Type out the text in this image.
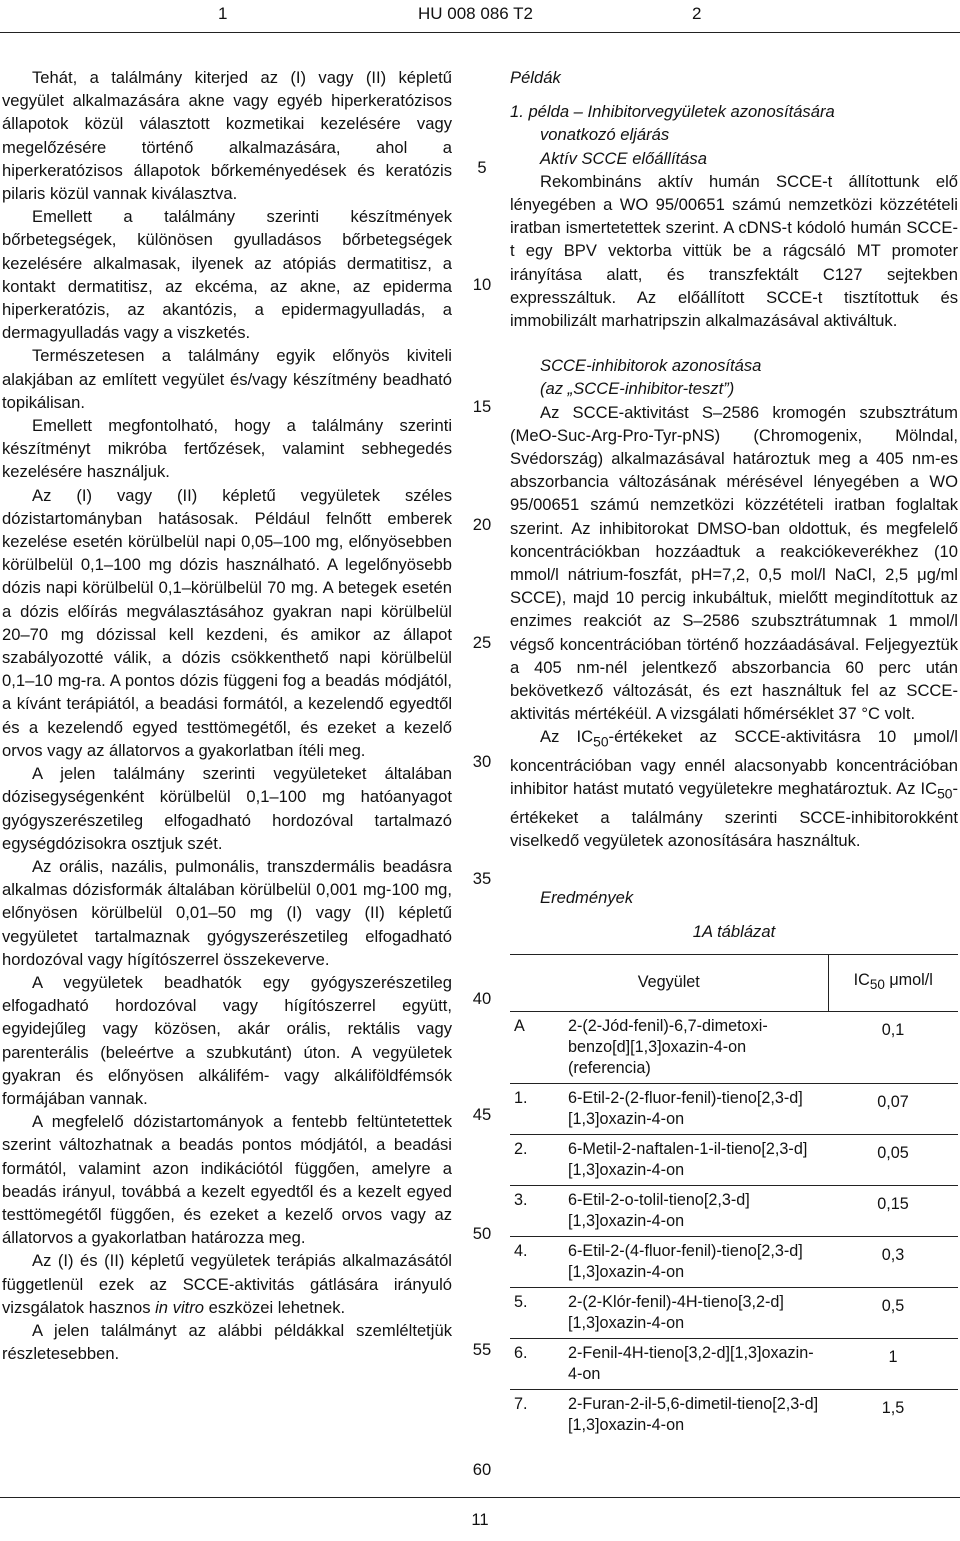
1	HU 008 086 T2	2

Tehát, a találmány kiterjed az (I) vagy (II) képletű vegyület alkalmazására akne vagy egyéb hiperkeratózisos állapotok közül választott kozmetikai kezelésére vagy megelőzésére történő alkalmazására, ahol a hiperkeratózisos állapotok bőrkeményedések és keratózis pilaris közül vannak kiválasztva.

Emellett a találmány szerinti készítmények bőrbetegségek, különösen gyulladásos bőrbetegségek kezelésére alkalmasak, ilyenek az atópiás dermatitisz, a kontakt dermatitisz, az ekcéma, az akne, az epiderma hiperkeratózis, az akantózis, a epidermagyulladás, a dermagyulladás vagy a viszketés.

Természetesen a találmány egyik előnyös kiviteli alakjában az említett vegyület és/vagy készítmény beadható topikálisan.

Emellett megfontolható, hogy a találmány szerinti készítményt mikróba fertőzések, valamint sebhegedés kezelésére használjuk.

Az (I) vagy (II) képletű vegyületek széles dózistartományban hatásosak. Például felnőtt emberek kezelése esetén körülbelül napi 0,05–100 mg, előnyösebben körülbelül 0,1–100 mg dózis használható. A legelőnyösebb dózis napi körülbelül 0,1–körülbelül 70 mg. A betegek esetén a dózis előírás megválasztásához gyakran napi körülbelül 20–70 mg dózissal kell kezdeni, és amikor az állapot szabályozotté válik, a dózis csökkenthető napi körülbelül 0,1–10 mg-ra. A pontos dózis függeni fog a beadás módjától, a kívánt terápiától, a beadási formától, a kezelendő egyedtől és a kezelendő egyed testtömegétől, és ezeket a kezelő orvos vagy az állatorvos a gyakorlatban ítéli meg.

A jelen találmány szerinti vegyületeket általában dózisegységenként körülbelül 0,1–100 mg hatóanyagot gyógyszerészetileg elfogadható hordozóval tartalmazó egységdózisokra osztjuk szét.

Az orális, nazális, pulmonális, transzdermális beadásra alkalmas dózisformák általában körülbelül 0,001 mg-100 mg, előnyösen körülbelül 0,01–50 mg (I) vagy (II) képletű vegyületet tartalmaznak gyógyszerészetileg elfogadható hordozóval vagy hígítószerrel összekeverve.

A vegyületek beadhatók egy gyógyszerészetileg elfogadható hordozóval vagy hígítószerrel együtt, egyidejűleg vagy közösen, akár orális, rektális vagy parenterális (beleértve a szubkutánt) úton. A vegyületek gyakran és előnyösen alkálifém- vagy alkáliföldfémsók formájában vannak.

A megfelelő dózistartományok a fentebb feltüntetettek szerint változhatnak a beadás pontos módjától, a beadási formától, valamint azon indikációtól függően, amelyre a beadás irányul, továbbá a kezelt egyedtől és a kezelt egyed testtömegétől függően, és ezeket a kezelő orvos vagy az állatorvos a gyakorlatban határozza meg.

Az (I) és (II) képletű vegyületek terápiás alkalmazásától függetlenül ezek az SCCE-aktivitás gátlására irányuló vizsgálatok hasznos in vitro eszközei lehetnek.

A jelen találmányt az alábbi példákkal szemléltetjük részletesebben.

5
10
15
20
25
30
35
40
45
50
55
60

Példák

1. példa – Inhibitorvegyületek azonosítására

vonatkozó eljárás

Aktív SCCE előállítása

Rekombináns aktív humán SCCE-t állítottunk elő lényegében a WO 95/00651 számú nemzetközi közzétételi iratban ismertetettek szerint. A cDNS-t kódoló humán SCCE-t egy BPV vektorba vittük be a rágcsáló MT promoter irányítása alatt, és transzfektált C127 sejtekben expresszáltuk. Az előállított SCCE-t tisztítottuk és immobilizált marhatripszin alkalmazásával aktiváltuk.

SCCE-inhibitorok azonosítása

(az „SCCE-inhibitor-teszt”)

Az SCCE-aktivitást S–2586 kromogén szubsztrátum (MeO-Suc-Arg-Pro-Tyr-pNS) (Chromogenix, Mölndal, Svédország) alkalmazásával határoztuk meg a 405 nm-es abszorbancia változásának mérésével lényegében a WO 95/00651 számú nemzetközi közzétételi iratban foglaltak szerint. Az inhibitorokat DMSO-ban oldottuk, és megfelelő koncentrációkban hozzáadtuk a reakciókeverékhez (10 mmol/l nátrium-foszfát, pH=7,2, 0,5 mol/l NaCl, 2,5 μg/ml SCCE), majd 10 percig inkubáltuk, mielőtt megindítottuk az enzimes reakciót az S–2586 szubsztrátumnak 1 mmol/l végső koncentrációban történő hozzáadásával. Feljegyeztük a 405 nm-nél jelentkező abszorbancia 60 perc után bekövetkező változását, és ezt használtuk fel az SCCE-aktivitás mértékéül. A vizsgálati hőmérséklet 37 °C volt.

Az $IC_{50}$-értékeket az SCCE-aktivitásra 10 μmol/l koncentrációban vagy ennél alacsonyabb koncentrációban inhibitor hatást mutató vegyületekre meghatároztuk. Az $IC_{50}$-értékeket a találmány szerinti SCCE-inhibitorokként viselkedő vegyületek azonosítására használtuk.

Eredmények

1A táblázat

Vegyület		$IC_{50}$ μmol/l
A	2-(2-Jód-fenil)-6,7-dimetoxi-benzo[d][1,3]oxazin-4-on (referencia)	0,1
1.	6-Etil-2-(2-fluor-fenil)-tieno[2,3-d][1,3]oxazin-4-on	0,07
2.	6-Metil-2-naftalen-1-il-tieno[2,3-d][1,3]oxazin-4-on	0,05
3.	6-Etil-2-o-tolil-tieno[2,3-d][1,3]oxazin-4-on	0,15
4.	6-Etil-2-(4-fluor-fenil)-tieno[2,3-d][1,3]oxazin-4-on	0,3
5.	2-(2-Klór-fenil)-4H-tieno[3,2-d][1,3]oxazin-4-on	0,5
6.	2-Fenil-4H-tieno[3,2-d][1,3]oxazin-4-on	1
7.	2-Furan-2-il-5,6-dimetil-tieno[2,3-d][1,3]oxazin-4-on	1,5
11
